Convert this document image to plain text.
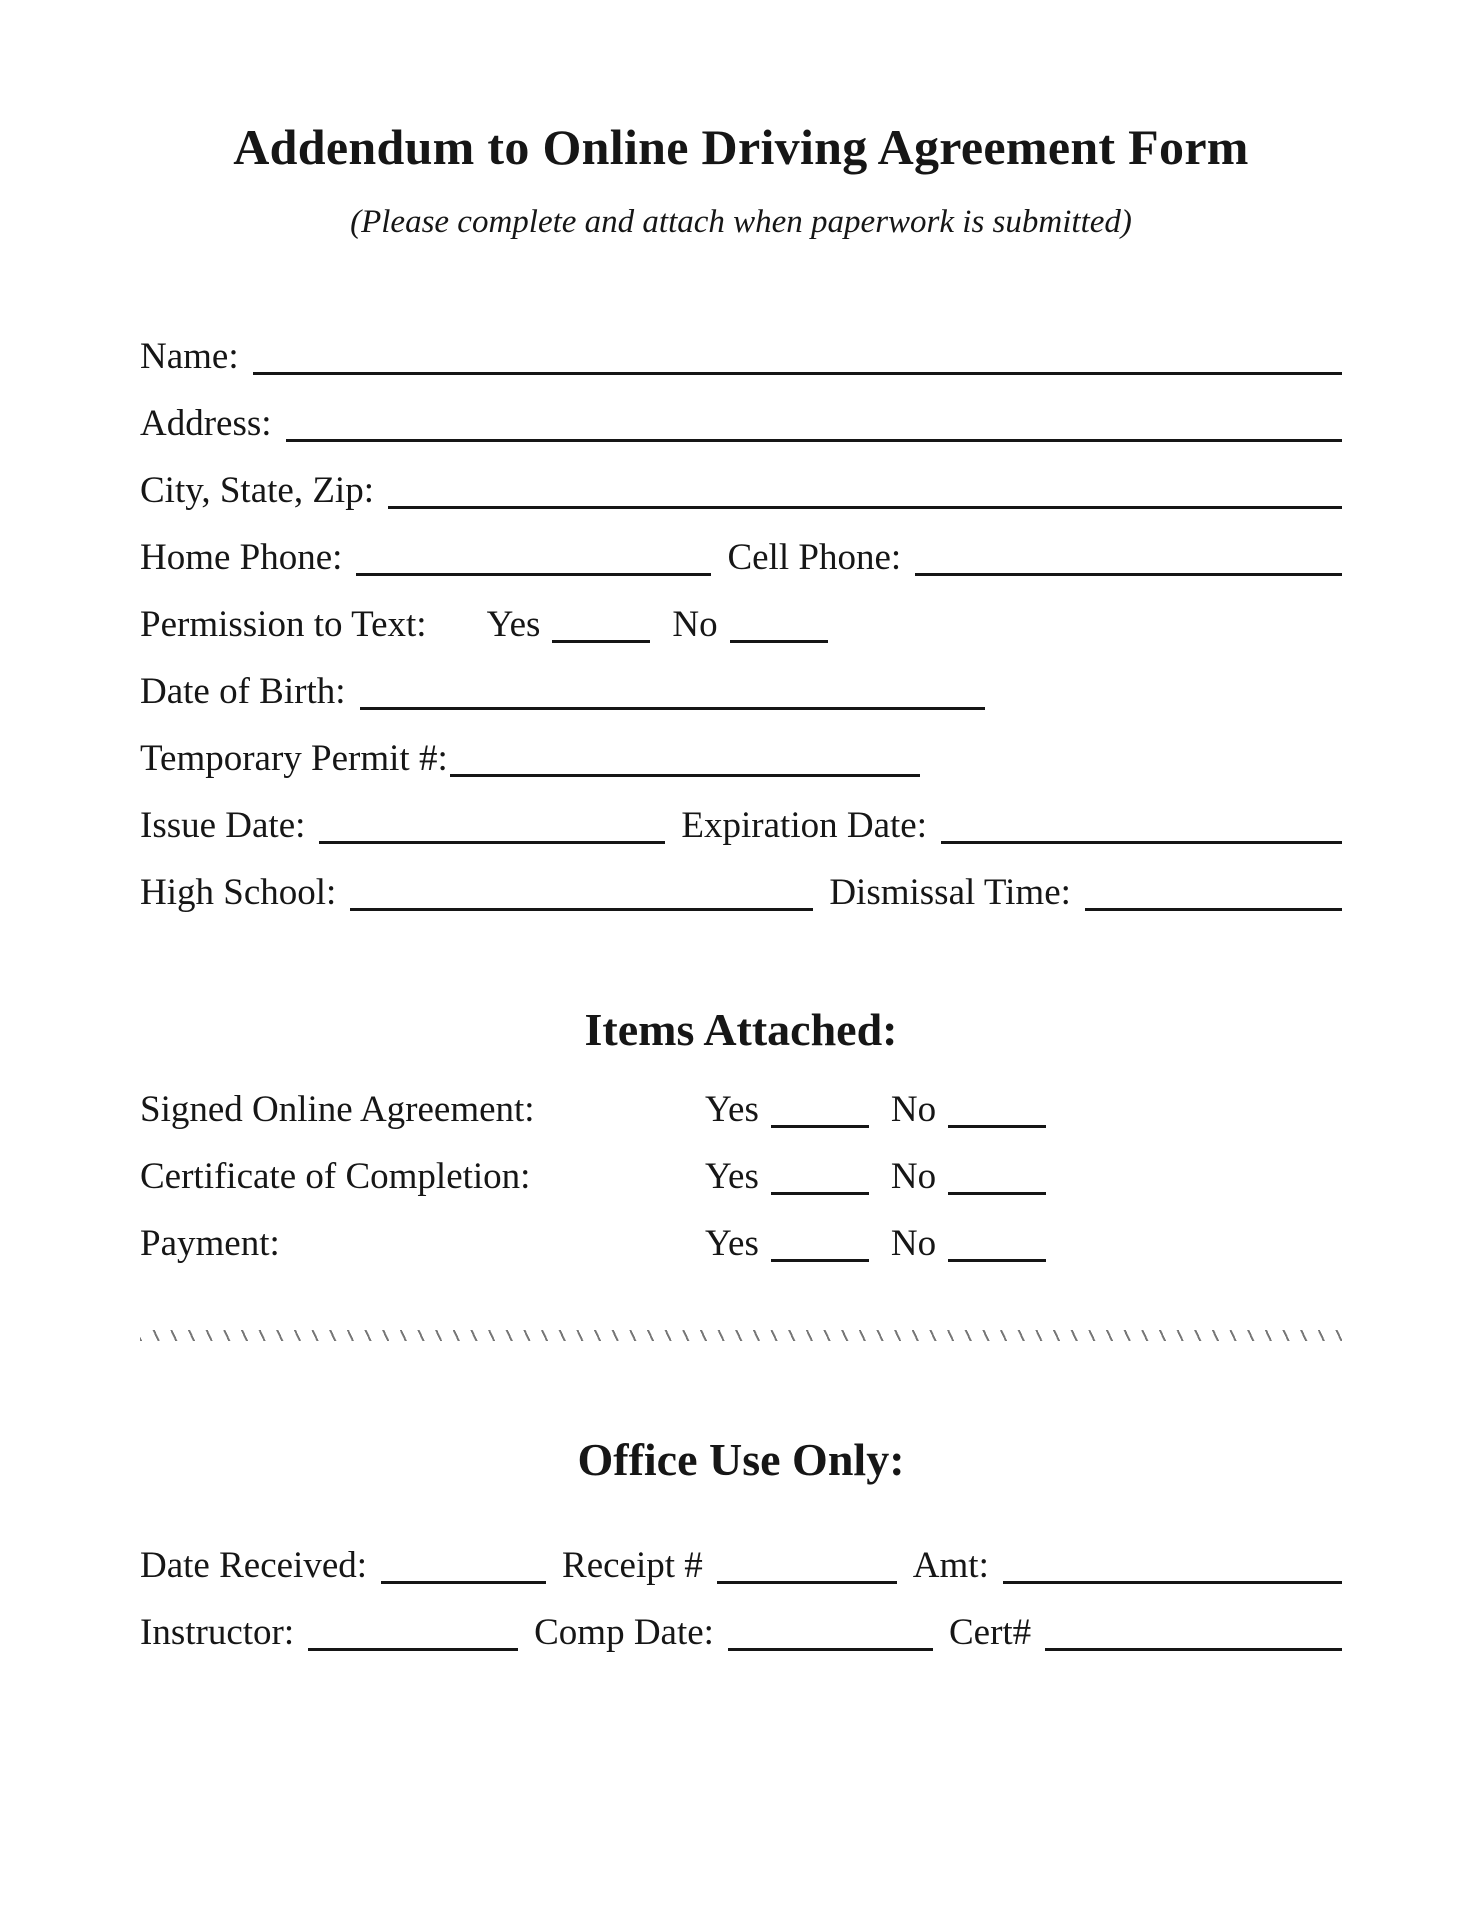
Addendum to Online Driving Agreement Form
(Please complete and attach when paperwork is submitted)
Name:
Address:
City, State, Zip:
Home Phone:	Cell Phone:
Permission to Text: Yes	No
Date of Birth:
Temporary Permit #:
Issue Date:	Expiration Date:
High School:	Dismissal Time:
Items Attached:
Signed Online Agreement:	Yes	No
Certificate of Completion:	Yes	No
Payment:	Yes	No
Office Use Only:
Date Received:	Receipt #	Amt:
Instructor:	Comp Date:	Cert#
